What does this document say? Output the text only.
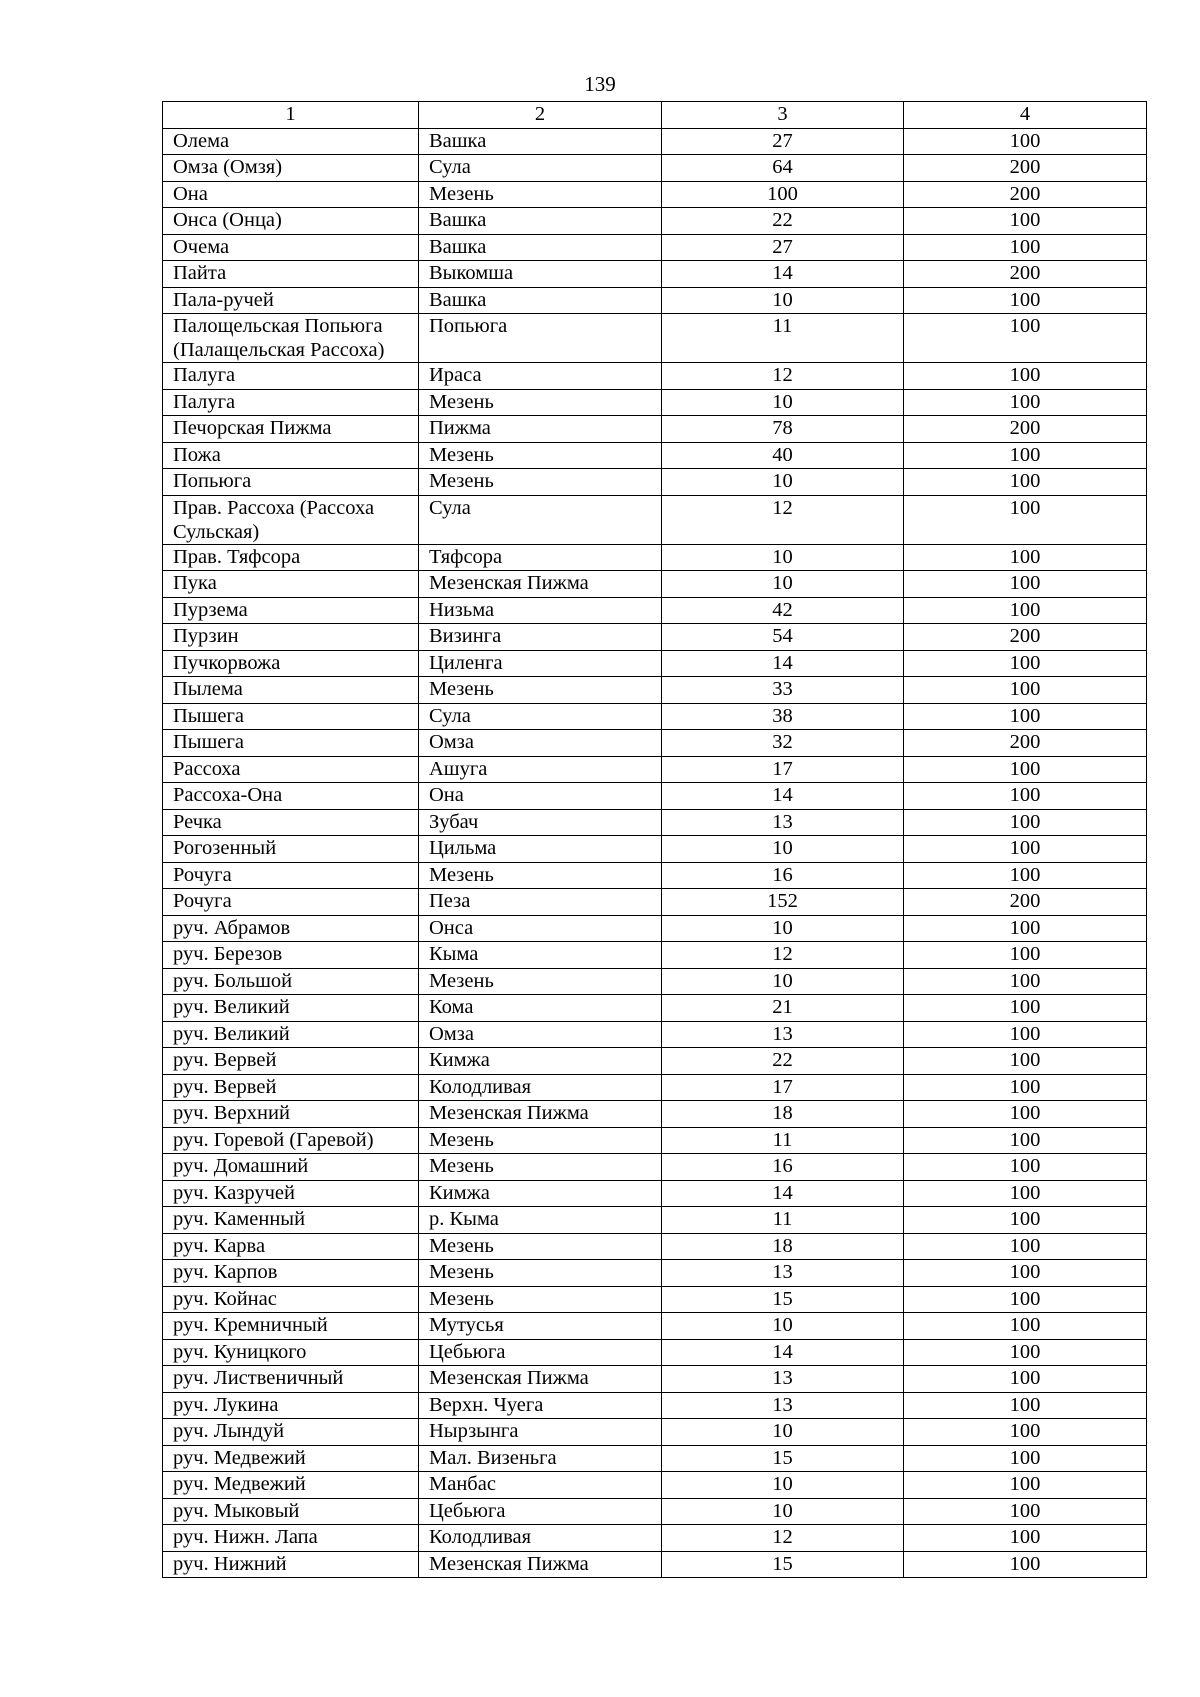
139
1	2	3	4
Олема	Вашка	27	100
Омза (Омзя)	Сула	64	200
Она	Мезень	100	200
Онса (Онца)	Вашка	22	100
Очема	Вашка	27	100
Пайта	Выкомша	14	200
Пала-ручей	Вашка	10	100
Палощельская Попьюга (Палащельская Рассоха)	Попьюга	11	100
Палуга	Ираса	12	100
Палуга	Мезень	10	100
Печорская Пижма	Пижма	78	200
Пожа	Мезень	40	100
Попьюга	Мезень	10	100
Прав. Рассоха (Рассоха Сульская)	Сула	12	100
Прав. Тяфсора	Тяфсора	10	100
Пука	Мезенская Пижма	10	100
Пурзема	Низьма	42	100
Пурзин	Визинга	54	200
Пучкорвожа	Циленга	14	100
Пылема	Мезень	33	100
Пышега	Сула	38	100
Пышега	Омза	32	200
Рассоха	Ашуга	17	100
Рассоха-Она	Она	14	100
Речка	Зубач	13	100
Рогозенный	Цильма	10	100
Рочуга	Мезень	16	100
Рочуга	Пеза	152	200
руч. Абрамов	Онса	10	100
руч. Березов	Кыма	12	100
руч. Большой	Мезень	10	100
руч. Великий	Кома	21	100
руч. Великий	Омза	13	100
руч. Веpвей	Кимжа	22	100
руч. Веpвей	Колодливая	17	100
руч. Верхний	Мезенская Пижма	18	100
руч. Горевой (Гаревой)	Мезень	11	100
руч. Домашний	Мезень	16	100
руч. Казручей	Кимжа	14	100
руч. Каменный	р. Кыма	11	100
руч. Карва	Мезень	18	100
руч. Карпов	Мезень	13	100
руч. Койнас	Мезень	15	100
руч. Кремничный	Мутусья	10	100
руч. Куницкого	Цебьюга	14	100
руч. Лиственичный	Мезенская Пижма	13	100
руч. Лукина	Верхн. Чуега	13	100
руч. Лындуй	Нырзынга	10	100
руч. Медвежий	Мал. Визеньга	15	100
руч. Медвежий	Манбас	10	100
руч. Мыковый	Цебьюга	10	100
руч. Нижн. Лапа	Колодливая	12	100
руч. Нижний	Мезенская Пижма	15	100
